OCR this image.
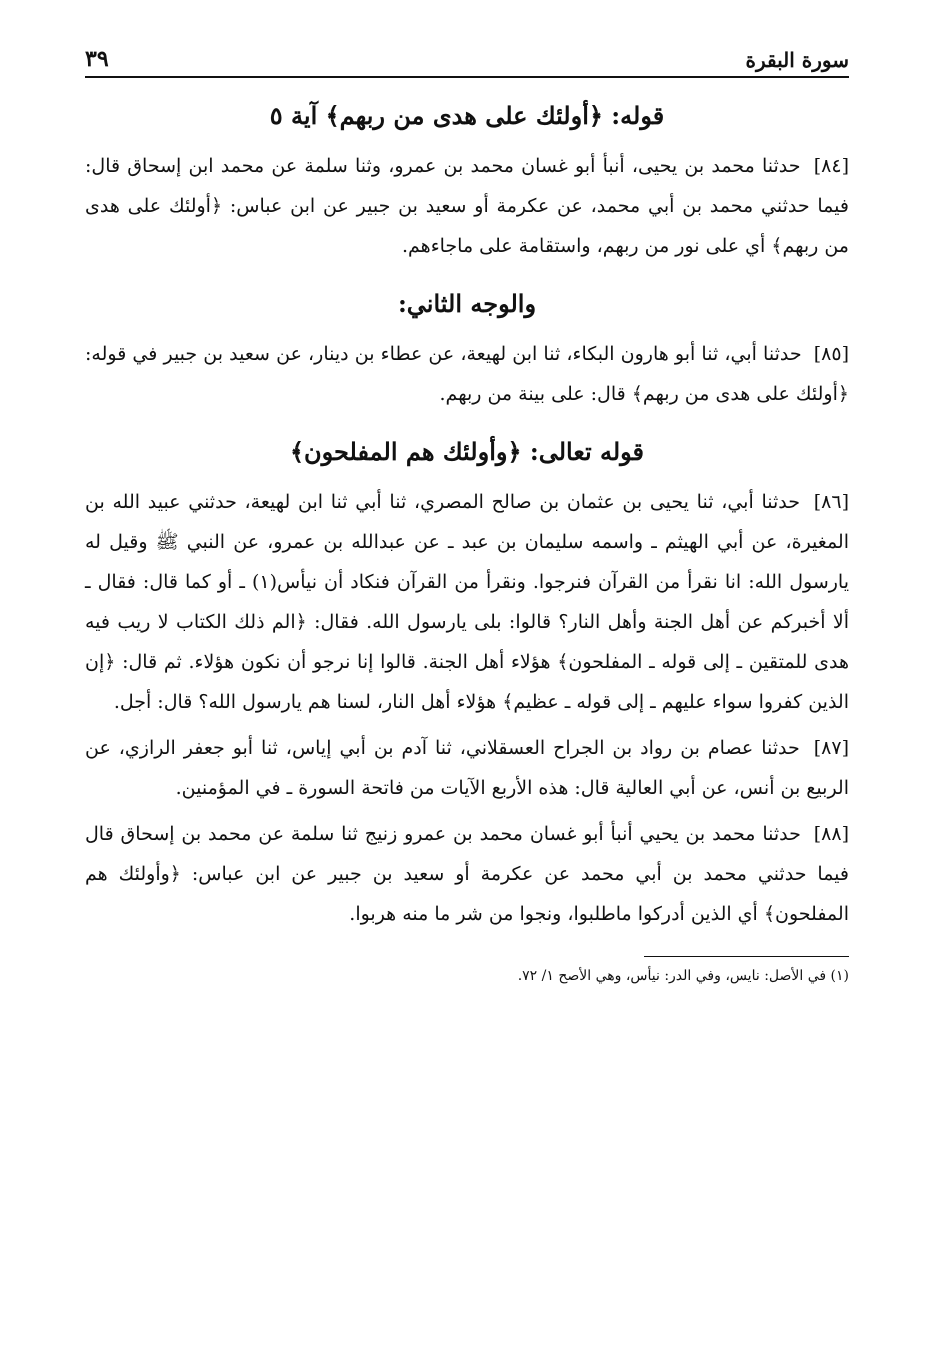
سورة البقرة
٣٩
قوله: ﴿أولئك على هدى من ربهم﴾ آية ٥

[٨٤] حدثنا محمد بن يحيى، أنبأ أبو غسان محمد بن عمرو، وثنا سلمة عن محمد ابن إسحاق قال: فيما حدثني محمد بن أبي محمد، عن عكرمة أو سعيد بن جبير عن ابن عباس: ﴿أولئك على هدى من ربهم﴾ أي على نور من ربهم، واستقامة على ماجاءهم.

والوجه الثاني:

[٨٥] حدثنا أبي، ثنا أبو هارون البكاء، ثنا ابن لهيعة، عن عطاء بن دينار، عن سعيد بن جبير في قوله: ﴿أولئك على هدى من ربهم﴾ قال: على بينة من ربهم.

قوله تعالى: ﴿وأولئك هم المفلحون﴾

[٨٦] حدثنا أبي، ثنا يحيى بن عثمان بن صالح المصري، ثنا أبي ثنا ابن لهيعة، حدثني عبيد الله بن المغيرة، عن أبي الهيثم ـ واسمه سليمان بن عبد ـ عن عبدالله بن عمرو، عن النبي ﷺ وقيل له يارسول الله: انا نقرأ من القرآن فنرجوا. ونقرأ من القرآن فنكاد أن نيأس(١) ـ أو كما قال: فقال ـ ألا أخبركم عن أهل الجنة وأهل النار؟ قالوا: بلى يارسول الله. فقال: ﴿الم ذلك الكتاب لا ريب فيه هدى للمتقين ـ إلى قوله ـ المفلحون﴾ هؤلاء أهل الجنة. قالوا إنا نرجو أن نكون هؤلاء. ثم قال: ﴿إن الذين كفروا سواء عليهم ـ إلى قوله ـ عظيم﴾ هؤلاء أهل النار، لسنا هم يارسول الله؟ قال: أجل.

[٨٧] حدثنا عصام بن رواد بن الجراح العسقلاني، ثنا آدم بن أبي إياس، ثنا أبو جعفر الرازي، عن الربيع بن أنس، عن أبي العالية قال: هذه الأربع الآيات من فاتحة السورة ـ في المؤمنين.

[٨٨] حدثنا محمد بن يحيي أنبأ أبو غسان محمد بن عمرو زنيج ثنا سلمة عن محمد بن إسحاق قال فيما حدثني محمد بن أبي محمد عن عكرمة أو سعيد بن جبير عن ابن عباس: ﴿وأولئك هم المفلحون﴾ أي الذين أدركوا ماطلبوا، ونجوا من شر ما منه هربوا.

(١) في الأصل: نايس، وفي الدر: نيأس، وهي الأصح ١/ ٧٢.
